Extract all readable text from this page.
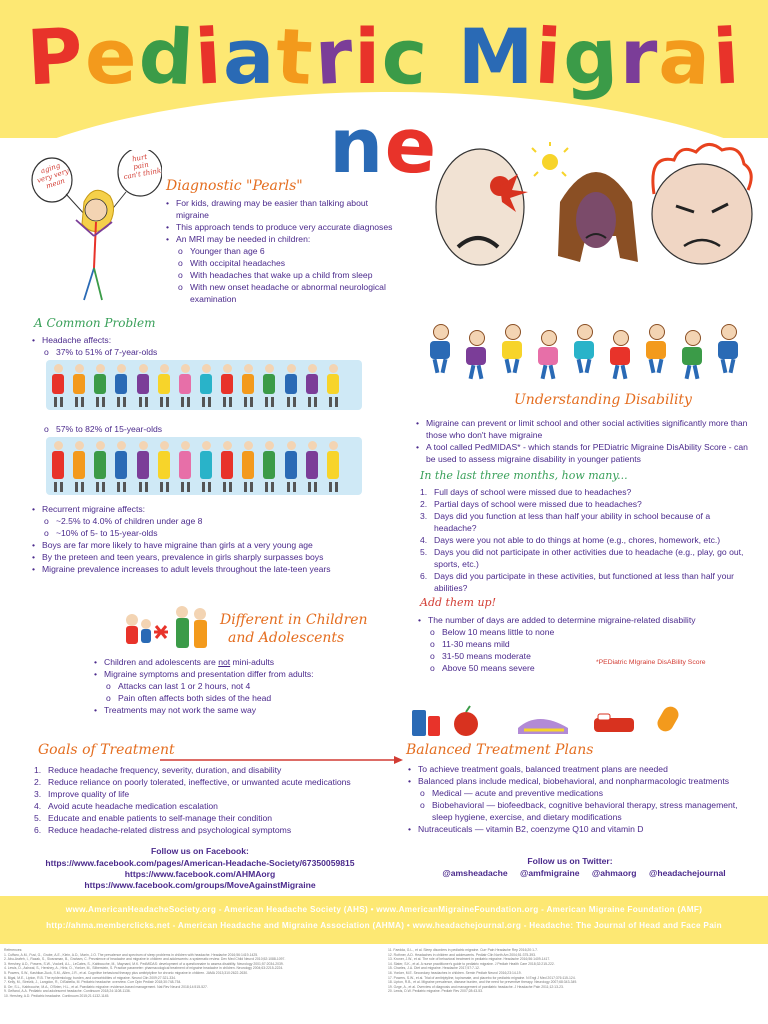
Pediatric Migraine
aging
very very
mean
hurt
pain
can't think
Diagnostic "Pearls"
• For kids, drawing may be easier than talking about migraine
• This approach tends to produce very accurate diagnoses
• An MRI may be needed in children:
o Younger than age 6
o With occipital headaches
o With headaches that wake up a child from sleep
o With new onset headache or abnormal neurological examination
A Common Problem
• Headache affects:
o 37% to 51% of 7-year-olds
o 57% to 82% of 15-year-olds
• Recurrent migraine affects:
o ~2.5% to 4.0% of children under age 8
o ~10% of 5- to 15-year-olds
• Boys are far more likely to have migraine than girls at a very young age
• By the preteen and teen years, prevalence in girls sharply surpasses boys
• Migraine prevalence increases to adult levels throughout the late-teen years
Understanding Disability
• Migraine can prevent or limit school and other social activities significantly more than those who don't have migraine
• A tool called PedMIDAS* - which stands for PEDiatric Migraine DisAbility Score - can be used to assess migraine disability in younger patients
In the last three months, how many...
1. Full days of school were missed due to headaches?
2. Partial days of school were missed due to headaches?
3. Days did you function at less than half your ability in school because of a headache?
4. Days were you not able to do things at home (e.g., chores, homework, etc.)
5. Days you did not participate in other activities due to headache (e.g., play, go out, sports, etc.)
6. Days did you participate in these activities, but functioned at less than half your abilities?
Add them up!
• The number of days are added to determine migraine-related disability
o Below 10 means little to none
o 11-30 means mild
o 31-50 means moderate
o Above 50 means severe
*PEDiatric MIgraine DisABility Score
Different in Children
and Adolescents
• Children and adolescents are not mini-adults
• Migraine symptoms and presentation differ from adults:
o Attacks can last 1 or 2 hours, not 4
o Pain often affects both sides of the head
• Treatments may not work the same way
Goals of Treatment
1. Reduce headache frequency, severity, duration, and disability
2. Reduce reliance on poorly tolerated, ineffective, or unwanted acute medications
3. Improve quality of life
4. Avoid acute headache medication escalation
5. Educate and enable patients to self-manage their condition
6. Reduce headache-related distress and psychological symptoms
Balanced Treatment Plans
• To achieve treatment goals, balanced treatment plans are needed
• Balanced plans include medical, biobehavioral, and nonpharmacologic treatments
o Medical — acute and preventive medications
o Biobehavioral — biofeedback, cognitive behavioral therapy, stress management, sleep hygiene, exercise, and dietary modifications
• Nutraceuticals — vitamin B2, coenzyme Q10 and vitamin D
Follow us on Facebook:
https://www.facebook.com/pages/American-Headache-Society/67350059815
https://www.facebook.com/AHMAorg
https://www.facebook.com/groups/MoveAgainstMigraine
Follow us on Twitter:
@amsheadache @amfmigraine @ahmaorg @headachejournal
www.AmericanHeadacheSociety.org - American Headache Society (AHS) • www.AmericanMigraineFoundation.org - American Migraine Foundation (AMF)
http://ahma.memberclicks.net - American Headache and Migraine Association (AHMA) • www.headachejournal.org - Headache: The Journal of Head and Face Pain
References:
1. Cuffaro, A.M., Fusi, G., Grube, A.E., Klein, A.D., Marin, J.O. The prevalence and spectrum of sleep problems in children with headache. Headache 2016;56:1419-1425.
2. Abu-Arafeh, I., Razak, S., Sivaraman, B., Graham, C. Prevalence of headache and migraine in children and adolescents: a systematic review. Dev Med Child Neurol 2010;52:1088-1097.
3. Hershey, A.D., Powers, S.W., Vockell, A.L., LeCates, S., Kabbouche, M., Maynard, M.K. PedMIDAS: development of a questionnaire to assess disability. Neurology 2001;57:2034-2039.
4. Lewis, D., Ashwal, S., Hershey, A., Hirtz, D., Yonker, M., Silberstein, S. Practice parameter: pharmacological treatment of migraine headache in children. Neurology 2004;63:2215-2224.
5. Powers, S.W., Kashikar-Zuck, S.M., Allen, J.R., et al. Cognitive behavioral therapy plus amitriptyline for chronic migraine in children. JAMA 2013;310:2622-2630.
6. Bigal, M.E., Lipton, R.B. The epidemiology, burden, and comorbidities of migraine. Neurol Clin 2009;27:321-334.
7. Kelly, M., Strelzik, J., Langdon, R., DiSabella, M. Pediatric headache: overview. Curr Opin Pediatr 2018;30:748-754.
8. Orr, S.L., Kabbouche, M.A., O'Brien, H.L., et al. Paediatric migraine: evidence-based management. Nat Rev Neurol 2018;14:515-527.
9. Gelfand, A.A. Pediatric and adolescent headache. Continuum 2018;24:1108-1136.
10. Hershey, A.D. Pediatric headache. Continuum 2015;21:1132-1145.
11. Faedda, G.L., et al. Sleep disorders in pediatric migraine. Curr Pain Headache Rep 2016;20:1-7.
12. Rothner, A.D. Headaches in children and adolescents. Pediatr Clin North Am 2004;51:375-393.
13. Kroner, J.W., et al. The role of behavioral treatment in pediatric migraine. Headache 2016;56:1409-1417.
14. Slater, S.K., et al. A nurse practitioner's guide to pediatric migraine. J Pediatr Health Care 2018;32:215-222.
15. Charles, J.A. Diet and migraine. Headache 2017;57:7-12.
16. Yonker, M.E. Secondary headaches in children. Semin Pediatr Neurol 2016;23:14-19.
17. Powers, S.W., et al. Trial of amitriptyline, topiramate, and placebo for pediatric migraine. N Engl J Med 2017;376:115-124.
18. Lipton, R.B., et al. Migraine prevalence, disease burden, and the need for preventive therapy. Neurology 2007;68:343-349.
19. Ozge, A., et al. Overview of diagnosis and management of paediatric headache. J Headache Pain 2011;12:13-23.
20. Lewis, D.W. Pediatric migraine. Pediatr Rev 2007;28:43-53.
